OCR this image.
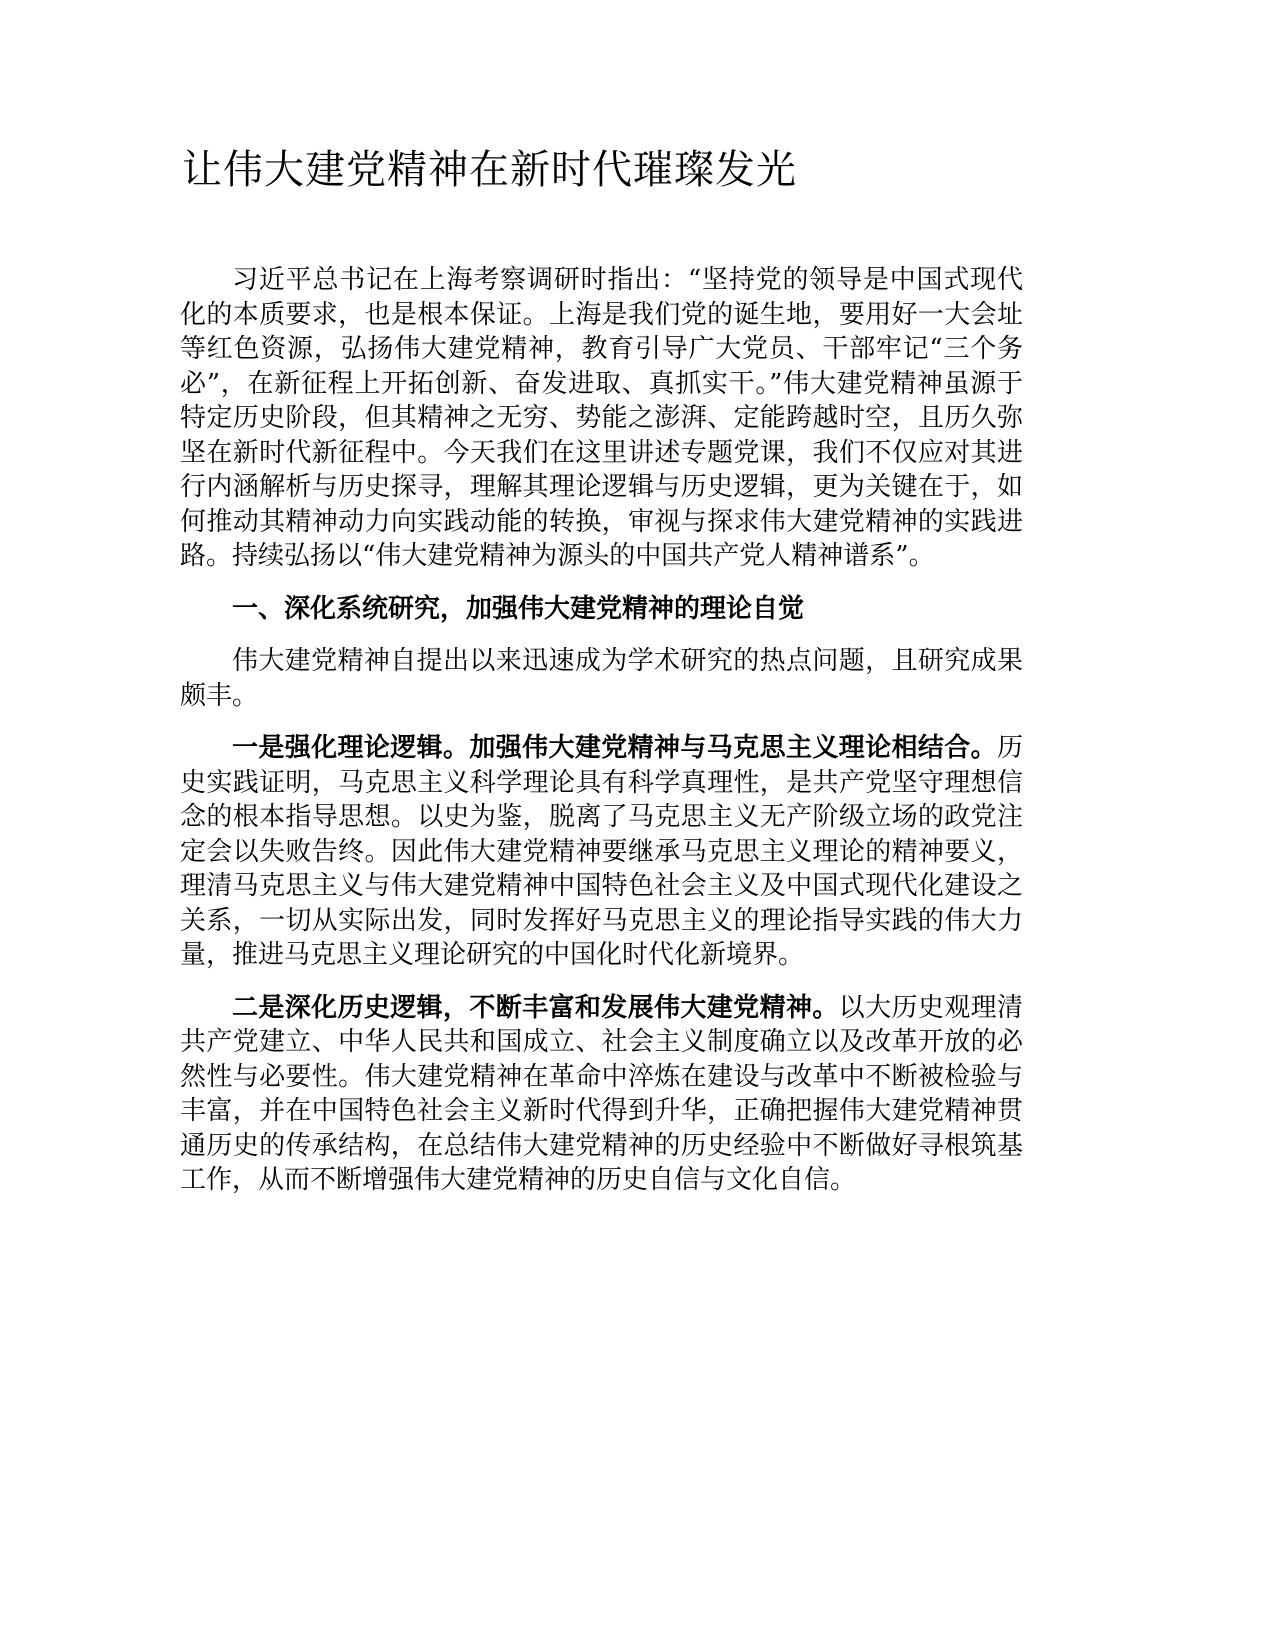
让伟大建党精神在新时代璀璨发光

习近平总书记在上海考察调研时指出：“坚持党的领导是中国式现代化的本质要求，也是根本保证。上海是我们党的诞生地，要用好一大会址等红色资源，弘扬伟大建党精神，教育引导广大党员、干部牢记“三个务必”，在新征程上开拓创新、奋发进取、真抓实干。”伟大建党精神虽源于特定历史阶段，但其精神之无穷、势能之澎湃、定能跨越时空，且历久弥坚在新时代新征程中。今天我们在这里讲述专题党课，我们不仅应对其进行内涵解析与历史探寻，理解其理论逻辑与历史逻辑，更为关键在于，如何推动其精神动力向实践动能的转换，审视与探求伟大建党精神的实践进路。持续弘扬以“伟大建党精神为源头的中国共产党人精神谱系”。

一、深化系统研究，加强伟大建党精神的理论自觉

伟大建党精神自提出以来迅速成为学术研究的热点问题，且研究成果颇丰。

一是强化理论逻辑。加强伟大建党精神与马克思主义理论相结合。历史实践证明，马克思主义科学理论具有科学真理性，是共产党坚守理想信念的根本指导思想。以史为鉴，脱离了马克思主义无产阶级立场的政党注定会以失败告终。因此伟大建党精神要继承马克思主义理论的精神要义，理清马克思主义与伟大建党精神中国特色社会主义及中国式现代化建设之关系，一切从实际出发，同时发挥好马克思主义的理论指导实践的伟大力量，推进马克思主义理论研究的中国化时代化新境界。

二是深化历史逻辑，不断丰富和发展伟大建党精神。以大历史观理清共产党建立、中华人民共和国成立、社会主义制度确立以及改革开放的必然性与必要性。伟大建党精神在革命中淬炼在建设与改革中不断被检验与丰富，并在中国特色社会主义新时代得到升华，正确把握伟大建党精神贯通历史的传承结构，在总结伟大建党精神的历史经验中不断做好寻根筑基工作，从而不断增强伟大建党精神的历史自信与文化自信。
